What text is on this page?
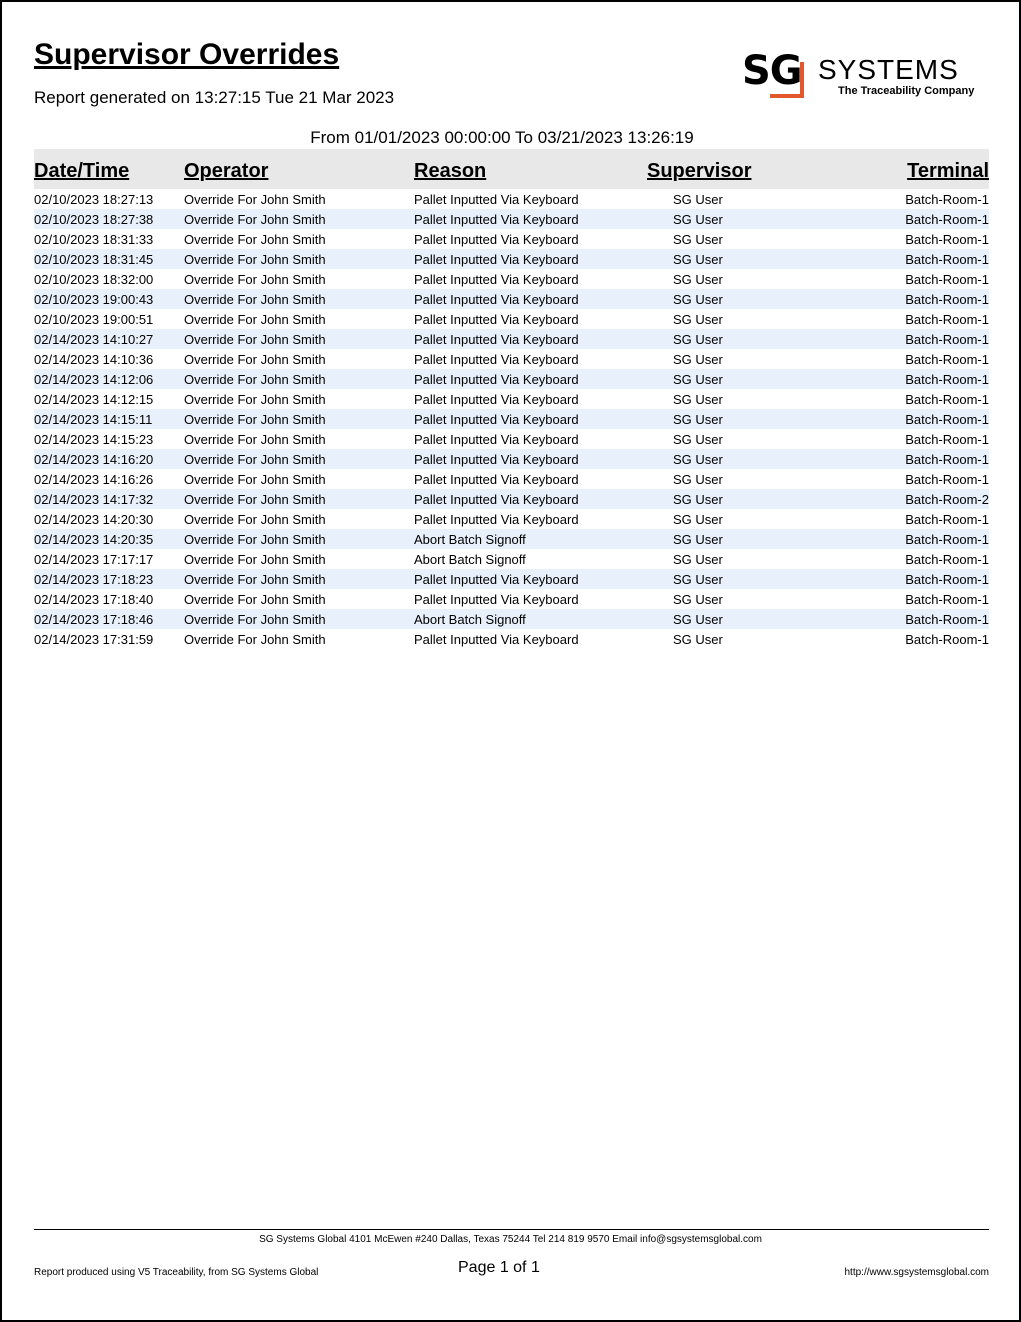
Supervisor Overrides
Report generated on 13:27:15 Tue 21 Mar 2023
SG SYSTEMS
The Traceability Company
From 01/01/2023 00:00:00 To 03/21/2023 13:26:19
Date/Time	Operator	Reason	Supervisor	Terminal
02/10/2023 18:27:13	Override For John Smith	Pallet Inputted Via Keyboard	SG User	Batch-Room-1
02/10/2023 18:27:38	Override For John Smith	Pallet Inputted Via Keyboard	SG User	Batch-Room-1
02/10/2023 18:31:33	Override For John Smith	Pallet Inputted Via Keyboard	SG User	Batch-Room-1
02/10/2023 18:31:45	Override For John Smith	Pallet Inputted Via Keyboard	SG User	Batch-Room-1
02/10/2023 18:32:00	Override For John Smith	Pallet Inputted Via Keyboard	SG User	Batch-Room-1
02/10/2023 19:00:43	Override For John Smith	Pallet Inputted Via Keyboard	SG User	Batch-Room-1
02/10/2023 19:00:51	Override For John Smith	Pallet Inputted Via Keyboard	SG User	Batch-Room-1
02/14/2023 14:10:27	Override For John Smith	Pallet Inputted Via Keyboard	SG User	Batch-Room-1
02/14/2023 14:10:36	Override For John Smith	Pallet Inputted Via Keyboard	SG User	Batch-Room-1
02/14/2023 14:12:06	Override For John Smith	Pallet Inputted Via Keyboard	SG User	Batch-Room-1
02/14/2023 14:12:15	Override For John Smith	Pallet Inputted Via Keyboard	SG User	Batch-Room-1
02/14/2023 14:15:11	Override For John Smith	Pallet Inputted Via Keyboard	SG User	Batch-Room-1
02/14/2023 14:15:23	Override For John Smith	Pallet Inputted Via Keyboard	SG User	Batch-Room-1
02/14/2023 14:16:20	Override For John Smith	Pallet Inputted Via Keyboard	SG User	Batch-Room-1
02/14/2023 14:16:26	Override For John Smith	Pallet Inputted Via Keyboard	SG User	Batch-Room-1
02/14/2023 14:17:32	Override For John Smith	Pallet Inputted Via Keyboard	SG User	Batch-Room-2
02/14/2023 14:20:30	Override For John Smith	Pallet Inputted Via Keyboard	SG User	Batch-Room-1
02/14/2023 14:20:35	Override For John Smith	Abort Batch Signoff	SG User	Batch-Room-1
02/14/2023 17:17:17	Override For John Smith	Abort Batch Signoff	SG User	Batch-Room-1
02/14/2023 17:18:23	Override For John Smith	Pallet Inputted Via Keyboard	SG User	Batch-Room-1
02/14/2023 17:18:40	Override For John Smith	Pallet Inputted Via Keyboard	SG User	Batch-Room-1
02/14/2023 17:18:46	Override For John Smith	Abort Batch Signoff	SG User	Batch-Room-1
02/14/2023 17:31:59	Override For John Smith	Pallet Inputted Via Keyboard	SG User	Batch-Room-1
SG Systems Global 4101 McEwen #240 Dallas, Texas 75244 Tel 214 819 9570 Email info@sgsystemsglobal.com
Report produced using V5 Traceability, from SG Systems Global	Page 1 of 1	http://www.sgsystemsglobal.com
